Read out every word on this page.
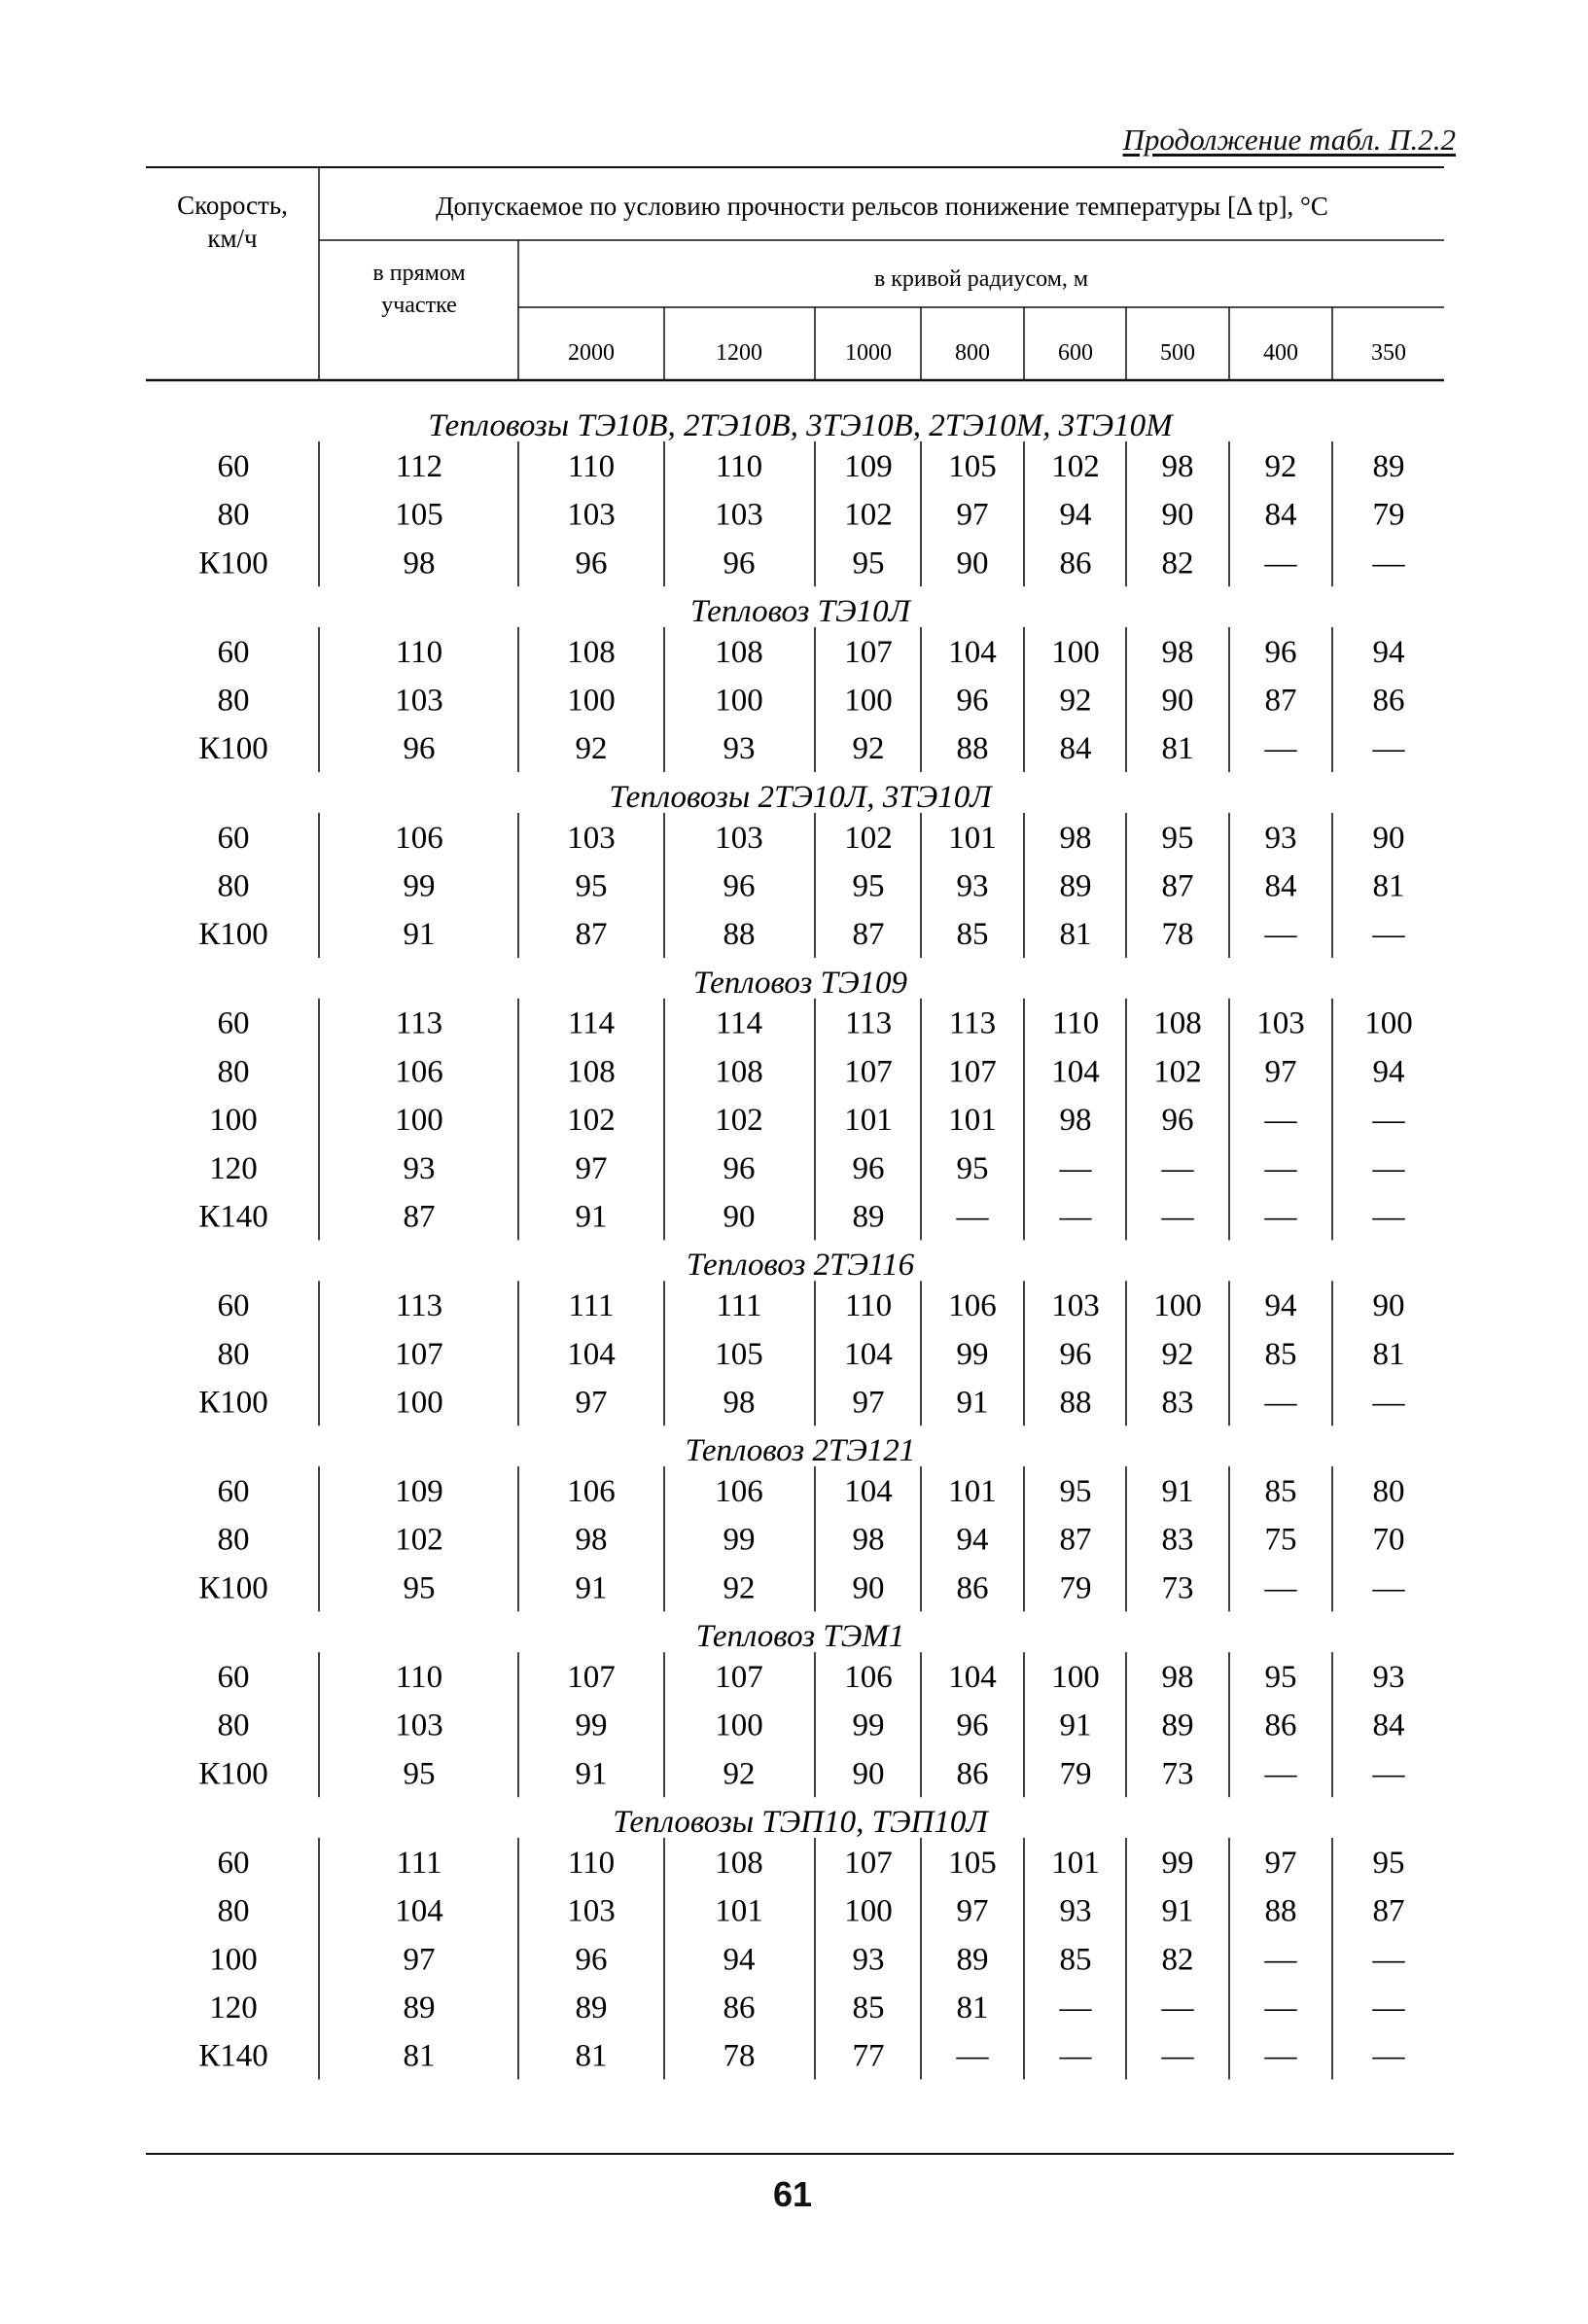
Продолжение табл. П.2.2
Скорость,
км/ч
Допускаемое по условию прочности рельсов понижение температуры [Δ tр], °С
в прямом
участке
в кривой радиусом, м
2000	1200	1000	800	600	500	400	350
Тепловозы ТЭ10В, 2ТЭ10В, 3ТЭ10В, 2ТЭ10М, 3ТЭ10М
60	112	110	110	109 105 102 98 92 89
80	105	103	103	102 97 94 90 84 79
К100	98	96	96	95 90 86 82 — —
Тепловоз ТЭ10Л
60	110	108	108	107 104 100 98 96 94
80	103	100	100	100 96 92 90 87 86
К100	96	92	93	92 88 84 81 — —
Тепловозы 2ТЭ10Л, 3ТЭ10Л
60	106	103	103	102 101 98 95 93 90
80	99	95	96	95 93 89 87 84 81
К100	91	87	88	87 85 81 78 — —
Тепловоз ТЭ109
60	113	114	114	113 113 110 108 103 100
80	106	108	108	107 107 104 102 97 94
100	100	102	102	101 101 98 96 — —
120	93	97	96	96 95 — — — —
К140	87	91	90	89 — — — — —
Тепловоз 2ТЭ116
60	113	111	111	110 106 103 100 94 90
80	107	104	105	104 99 96 92 85 81
К100	100	97	98	97 91 88 83 — —
Тепловоз 2ТЭ121
60	109	106	106	104 101 95 91 85 80
80	102	98	99	98 94 87 83 75 70
К100	95	91	92	90 86 79 73 — —
Тепловоз ТЭМ1
60	110	107	107	106 104 100 98 95 93
80	103	99	100	99 96 91 89 86 84
К100	95	91	92	90 86 79 73 — —
Тепловозы ТЭП10, ТЭП10Л
60	111	110	108	107 105 101 99 97 95
80	104	103	101	100 97 93 91 88 87
100	97	96	94	93 89 85 82 — —
120	89	89	86	85 81 — — — —
К140	81	81	78	77 — — — — —
61
